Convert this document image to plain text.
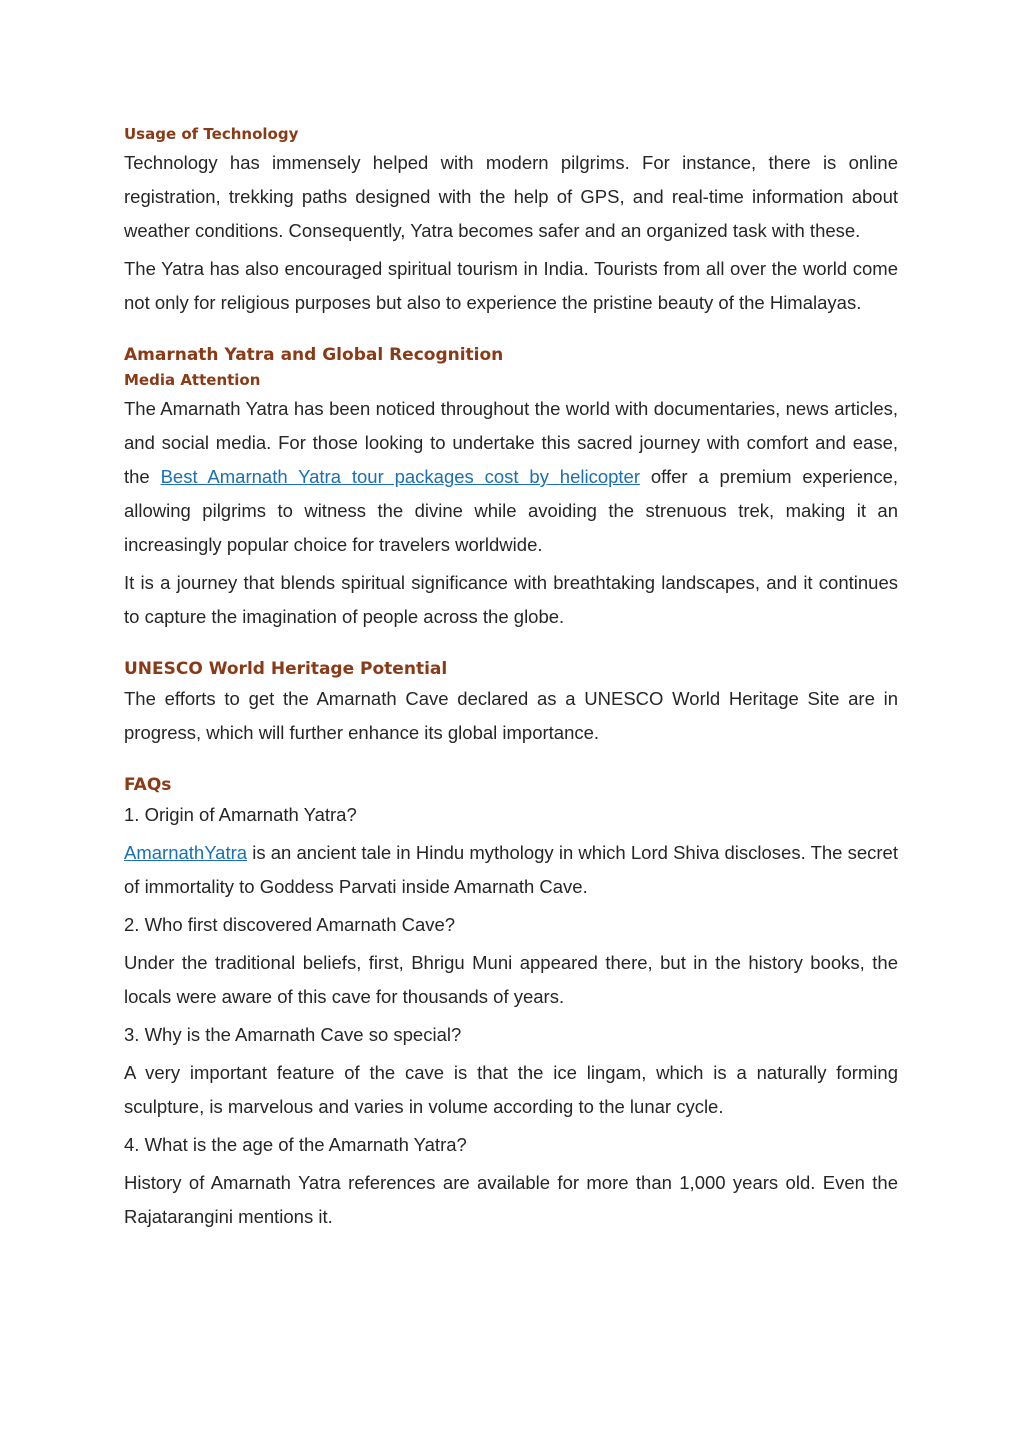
Usage of Technology

Technology has immensely helped with modern pilgrims. For instance, there is online registration, trekking paths designed with the help of GPS, and real-time information about weather conditions. Consequently, Yatra becomes safer and an organized task with these.

The Yatra has also encouraged spiritual tourism in India. Tourists from all over the world come not only for religious purposes but also to experience the pristine beauty of the Himalayas.

Amarnath Yatra and Global Recognition
Media Attention

The Amarnath Yatra has been noticed throughout the world with documentaries, news articles, and social media. For those looking to undertake this sacred journey with comfort and ease, the Best Amarnath Yatra tour packages cost by helicopter offer a premium experience, allowing pilgrims to witness the divine while avoiding the strenuous trek, making it an increasingly popular choice for travelers worldwide.

It is a journey that blends spiritual significance with breathtaking landscapes, and it continues to capture the imagination of people across the globe.

UNESCO World Heritage Potential

The efforts to get the Amarnath Cave declared as a UNESCO World Heritage Site are in progress, which will further enhance its global importance.

FAQs

1. Origin of Amarnath Yatra?

AmarnathYatra is an ancient tale in Hindu mythology in which Lord Shiva discloses. The secret of immortality to Goddess Parvati inside Amarnath Cave.

2. Who first discovered Amarnath Cave?

Under the traditional beliefs, first, Bhrigu Muni appeared there, but in the history books, the locals were aware of this cave for thousands of years.

3. Why is the Amarnath Cave so special?

A very important feature of the cave is that the ice lingam, which is a naturally forming sculpture, is marvelous and varies in volume according to the lunar cycle.

4. What is the age of the Amarnath Yatra?

History of Amarnath Yatra references are available for more than 1,000 years old. Even the Rajatarangini mentions it.
